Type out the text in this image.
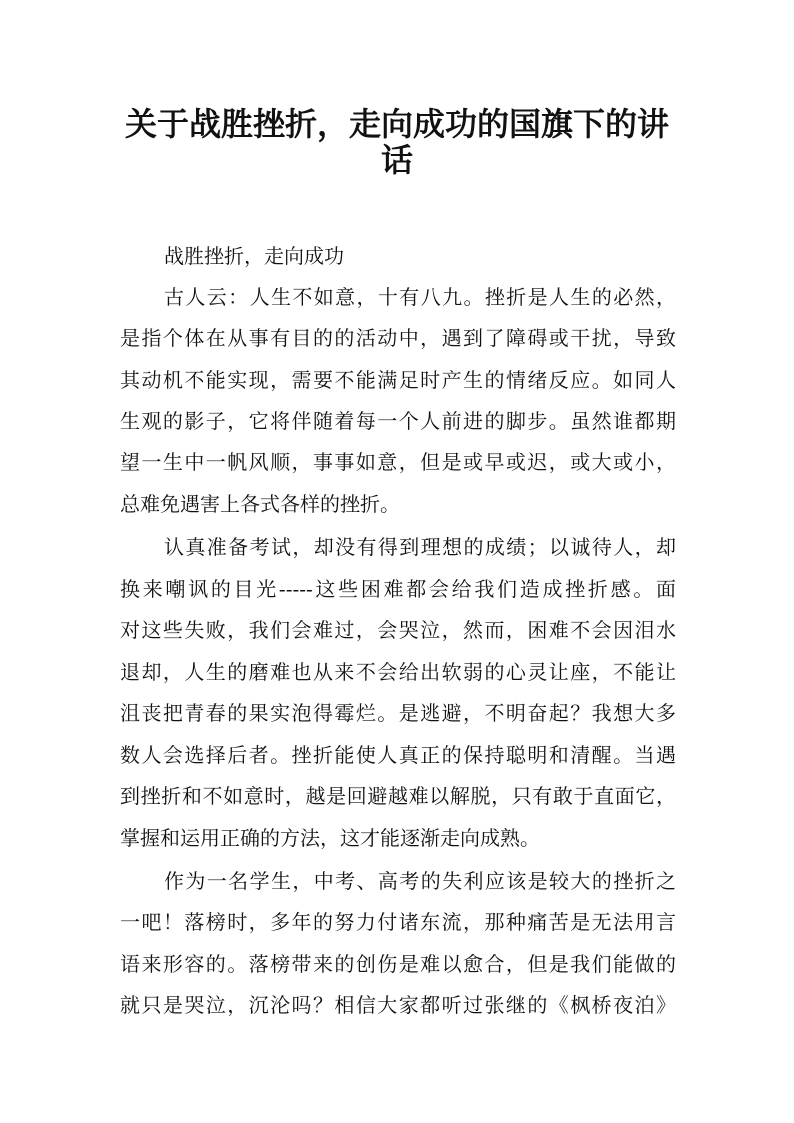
关于战胜挫折，走向成功的国旗下的讲
话
战胜挫折，走向成功
古人云：人生不如意，十有八九。挫折是人生的必然，
是指个体在从事有目的的活动中，遇到了障碍或干扰，导致
其动机不能实现，需要不能满足时产生的情绪反应。如同人
生观的影子，它将伴随着每一个人前进的脚步。虽然谁都期
望一生中一帆风顺，事事如意，但是或早或迟，或大或小，
总难免遇害上各式各样的挫折。
认真准备考试，却没有得到理想的成绩；以诚待人，却
换来嘲讽的目光-----这些困难都会给我们造成挫折感。面
对这些失败，我们会难过，会哭泣，然而，困难不会因泪水
退却，人生的磨难也从来不会给出软弱的心灵让座，不能让
沮丧把青春的果实泡得霉烂。是逃避，不明奋起？我想大多
数人会选择后者。挫折能使人真正的保持聪明和清醒。当遇
到挫折和不如意时，越是回避越难以解脱，只有敢于直面它，
掌握和运用正确的方法，这才能逐渐走向成熟。
作为一名学生，中考、高考的失利应该是较大的挫折之
一吧！落榜时，多年的努力付诸东流，那种痛苦是无法用言
语来形容的。落榜带来的创伤是难以愈合，但是我们能做的
就只是哭泣，沉沦吗？相信大家都听过张继的《枫桥夜泊》
